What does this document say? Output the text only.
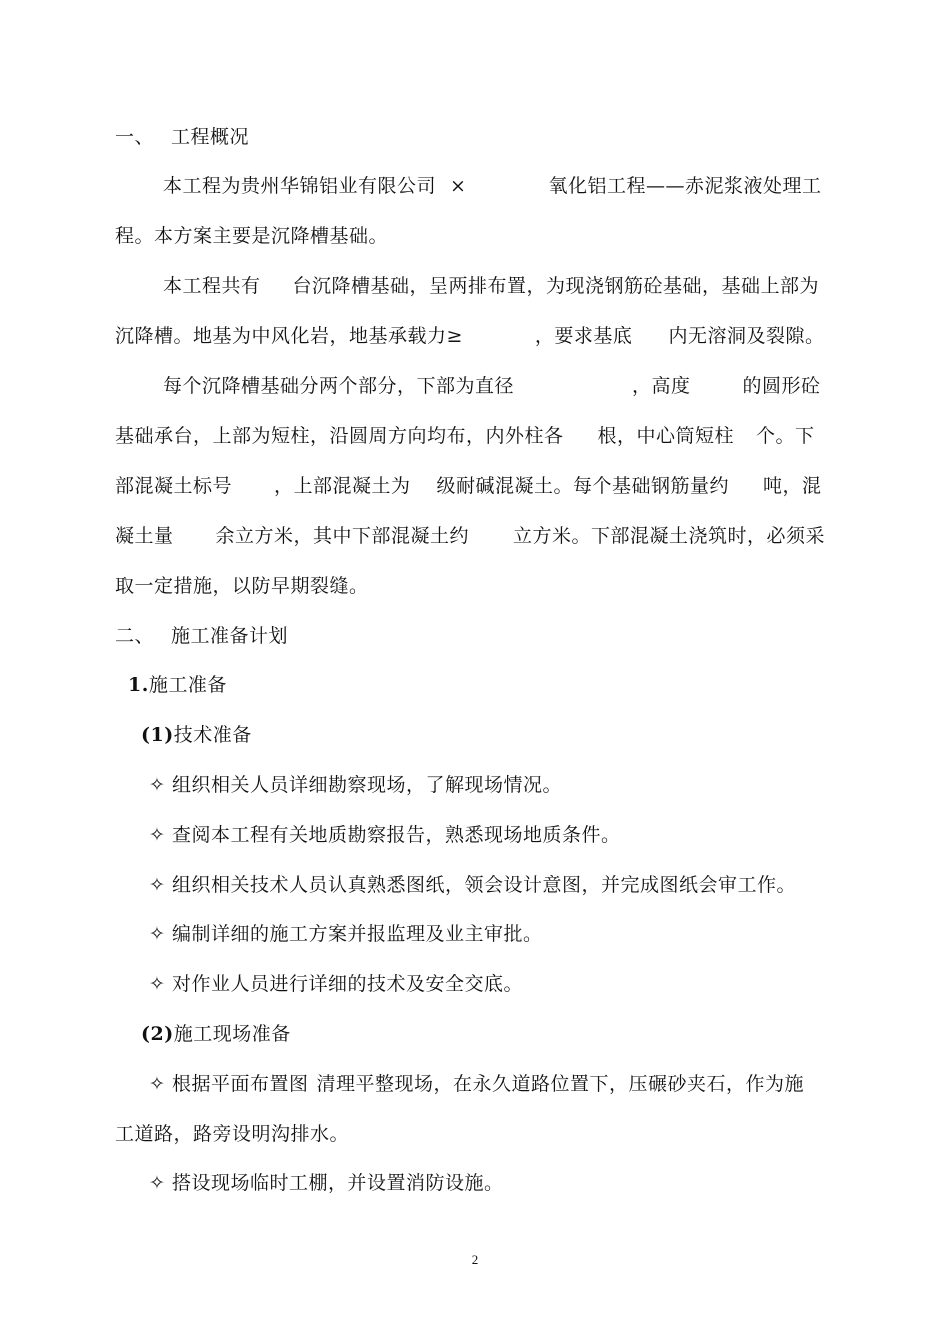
一、 工程概况
本工程为贵州华锦铝业有限公司 ×	氧化铝工程——赤泥浆液处理工
程。本方案主要是沉降槽基础。
本工程共有 台沉降槽基础，呈两排布置，为现浇钢筋砼基础，基础上部为
沉降槽。地基为中风化岩，地基承载力≥	，要求基底 内无溶洞及裂隙。
每个沉降槽基础分两个部分，下部为直径	，高度	的圆形砼
基础承台，上部为短柱，沿圆周方向均布，内外柱各 根，中心筒短柱 个。下
部混凝土标号 ，上部混凝土为 级耐碱混凝土。每个基础钢筋量约 吨，混
凝土量 余立方米，其中下部混凝土约 立方米。下部混凝土浇筑时，必须采
取一定措施，以防早期裂缝。
二、 施工准备计划
1.施工准备
(1)技术准备
✧ 组织相关人员详细勘察现场，了解现场情况。
✧ 查阅本工程有关地质勘察报告，熟悉现场地质条件。
✧ 组织相关技术人员认真熟悉图纸，领会设计意图，并完成图纸会审工作。
✧ 编制详细的施工方案并报监理及业主审批。
✧ 对作业人员进行详细的技术及安全交底。
(2)施工现场准备
✧ 根据平面布置图 清理平整现场，在永久道路位置下，压碾砂夹石，作为施
工道路，路旁设明沟排水。
✧ 搭设现场临时工棚，并设置消防设施。
2
